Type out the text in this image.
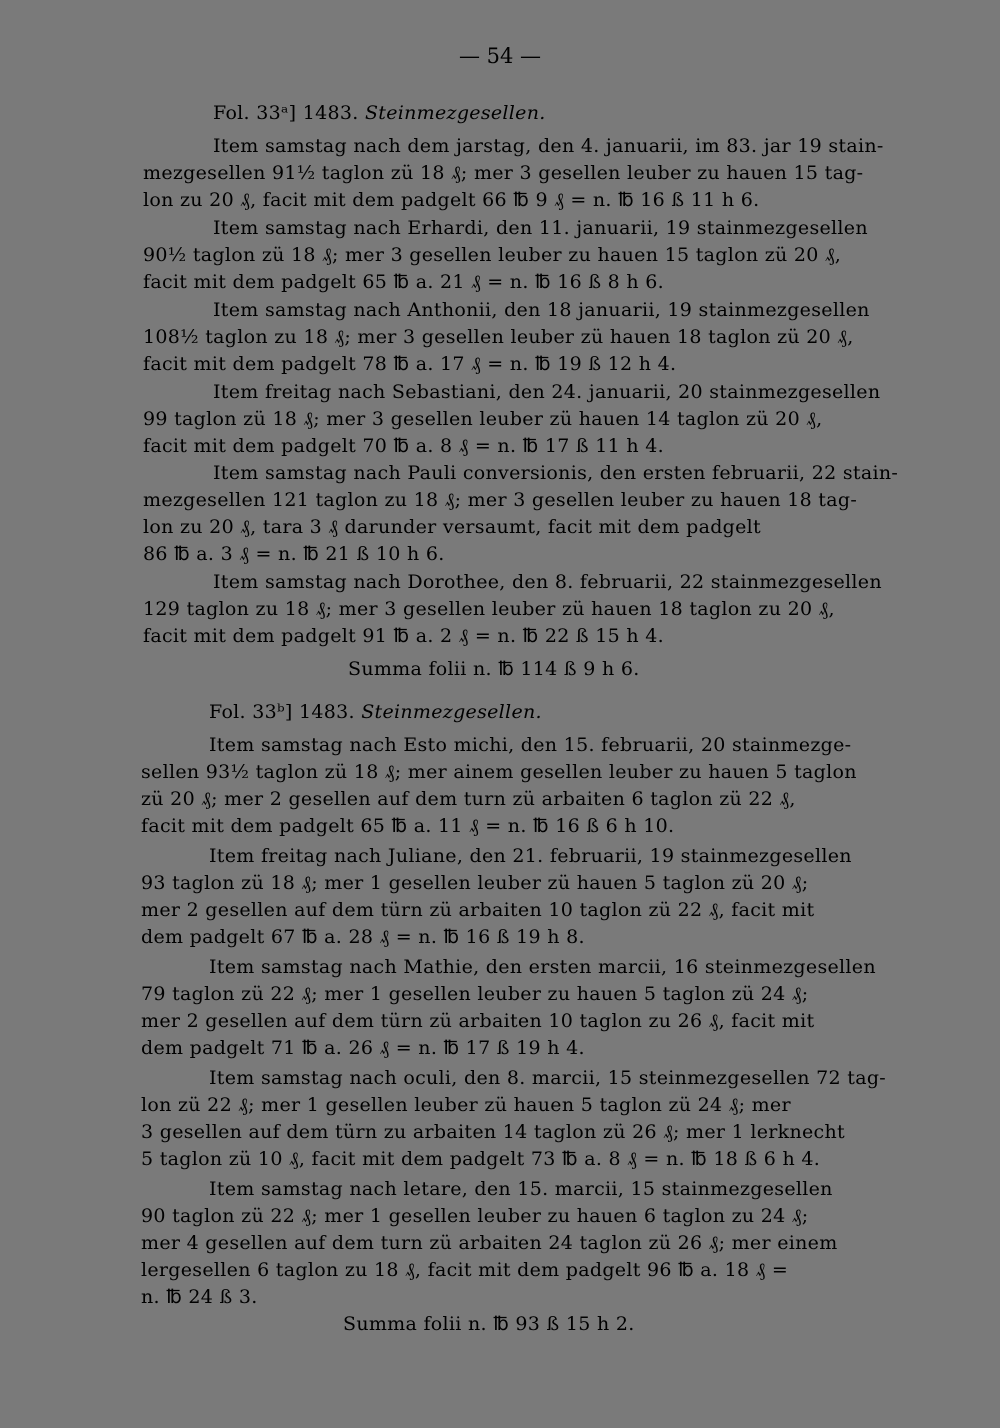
— 54 —
Fol. 33ᵃ] 1483. Steinmezgesellen.
Item samstag nach dem jarstag, den 4. januarii, im 83. jar 19 stain-
mezgesellen 91½ taglon zü 18 ₰; mer 3 gesellen leuber zu hauen 15 tag-
lon zu 20 ₰, facit mit dem padgelt 66 ℔ 9 ₰ = n. ℔ 16 ß 11 h 6.
Item samstag nach Erhardi, den 11. januarii, 19 stainmezgesellen
90½ taglon zü 18 ₰; mer 3 gesellen leuber zu hauen 15 taglon zü 20 ₰,
facit mit dem padgelt 65 ℔ a. 21 ₰ = n. ℔ 16 ß 8 h 6.
Item samstag nach Anthonii, den 18 januarii, 19 stainmezgesellen
108½ taglon zu 18 ₰; mer 3 gesellen leuber zü hauen 18 taglon zü 20 ₰,
facit mit dem padgelt 78 ℔ a. 17 ₰ = n. ℔ 19 ß 12 h 4.
Item freitag nach Sebastiani, den 24. januarii, 20 stainmezgesellen
99 taglon zü 18 ₰; mer 3 gesellen leuber zü hauen 14 taglon zü 20 ₰,
facit mit dem padgelt 70 ℔ a. 8 ₰ = n. ℔ 17 ß 11 h 4.
Item samstag nach Pauli conversionis, den ersten februarii, 22 stain-
mezgesellen 121 taglon zu 18 ₰; mer 3 gesellen leuber zu hauen 18 tag-
lon zu 20 ₰, tara 3 ₰ darunder versaumt, facit mit dem padgelt
86 ℔ a. 3 ₰ = n. ℔ 21 ß 10 h 6.
Item samstag nach Dorothee, den 8. februarii, 22 stainmezgesellen
129 taglon zu 18 ₰; mer 3 gesellen leuber zü hauen 18 taglon zu 20 ₰,
facit mit dem padgelt 91 ℔ a. 2 ₰ = n. ℔ 22 ß 15 h 4.
Summa folii n. ℔ 114 ß 9 h 6.
Fol. 33ᵇ] 1483. Steinmezgesellen.
Item samstag nach Esto michi, den 15. februarii, 20 stainmezge-
sellen 93½ taglon zü 18 ₰; mer ainem gesellen leuber zu hauen 5 taglon
zü 20 ₰; mer 2 gesellen auf dem turn zü arbaiten 6 taglon zü 22 ₰,
facit mit dem padgelt 65 ℔ a. 11 ₰ = n. ℔ 16 ß 6 h 10.
Item freitag nach Juliane, den 21. februarii, 19 stainmezgesellen
93 taglon zü 18 ₰; mer 1 gesellen leuber zü hauen 5 taglon zü 20 ₰;
mer 2 gesellen auf dem türn zü arbaiten 10 taglon zü 22 ₰, facit mit
dem padgelt 67 ℔ a. 28 ₰ = n. ℔ 16 ß 19 h 8.
Item samstag nach Mathie, den ersten marcii, 16 steinmezgesellen
79 taglon zü 22 ₰; mer 1 gesellen leuber zu hauen 5 taglon zü 24 ₰;
mer 2 gesellen auf dem türn zü arbaiten 10 taglon zu 26 ₰, facit mit
dem padgelt 71 ℔ a. 26 ₰ = n. ℔ 17 ß 19 h 4.
Item samstag nach oculi, den 8. marcii, 15 steinmezgesellen 72 tag-
lon zü 22 ₰; mer 1 gesellen leuber zü hauen 5 taglon zü 24 ₰; mer
3 gesellen auf dem türn zu arbaiten 14 taglon zü 26 ₰; mer 1 lerknecht
5 taglon zü 10 ₰, facit mit dem padgelt 73 ℔ a. 8 ₰ = n. ℔ 18 ß 6 h 4.
Item samstag nach letare, den 15. marcii, 15 stainmezgesellen
90 taglon zü 22 ₰; mer 1 gesellen leuber zu hauen 6 taglon zu 24 ₰;
mer 4 gesellen auf dem turn zü arbaiten 24 taglon zü 26 ₰; mer einem
lergesellen 6 taglon zu 18 ₰, facit mit dem padgelt 96 ℔ a. 18 ₰ =
n. ℔ 24 ß 3.
Summa folii n. ℔ 93 ß 15 h 2.
